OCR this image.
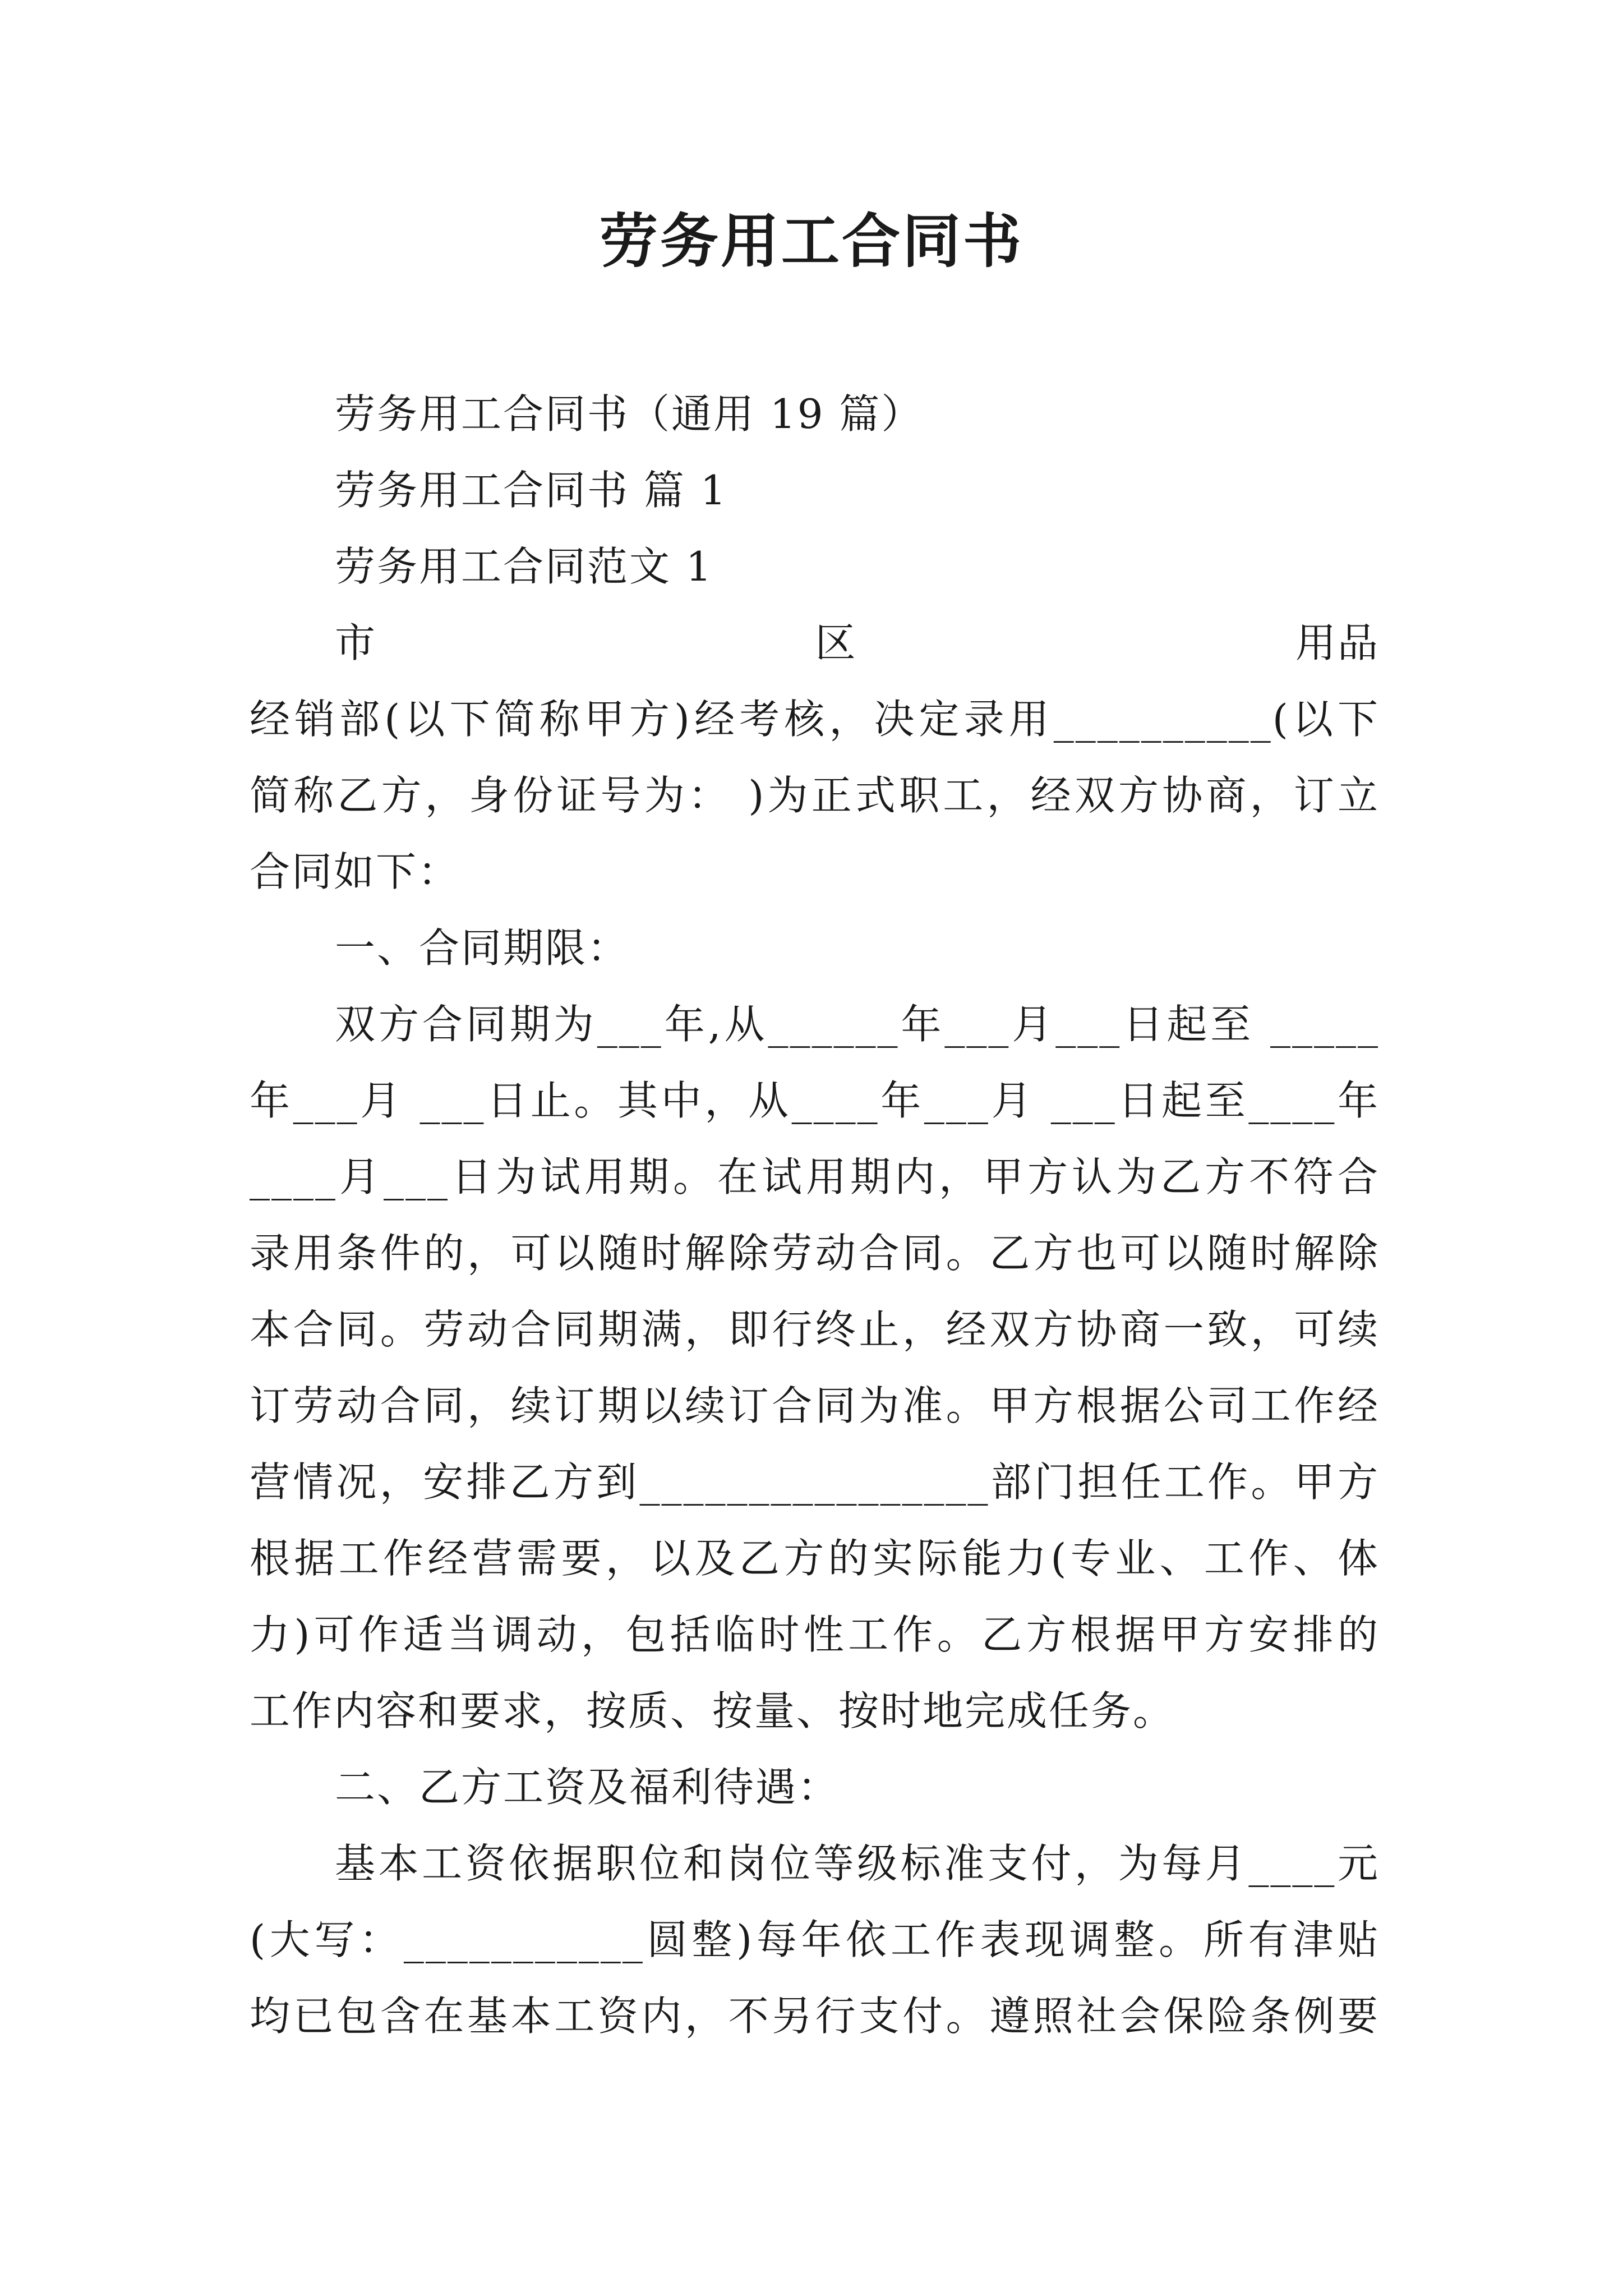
劳务用工合同书

劳务用工合同书（通用 19 篇）

劳务用工合同书 篇 1

劳务用工合同范文 1

市	区	用品

经销部(以下简称甲方)经考核，决定录用__________(以下

简称乙方，身份证号为： )为正式职工，经双方协商，订立

合同如下：

一、合同期限：

双方合同期为___年,从______年___月___日起至 _____

年___月 ___日止。其中，从____年___月 ___日起至____年

____月___日为试用期。在试用期内，甲方认为乙方不符合

录用条件的，可以随时解除劳动合同。乙方也可以随时解除

本合同。劳动合同期满，即行终止，经双方协商一致，可续

订劳动合同，续订期以续订合同为准。甲方根据公司工作经

营情况，安排乙方到________________部门担任工作。甲方

根据工作经营需要，以及乙方的实际能力(专业、工作、体

力)可作适当调动，包括临时性工作。乙方根据甲方安排的

工作内容和要求，按质、按量、按时地完成任务。

二、乙方工资及福利待遇：

基本工资依据职位和岗位等级标准支付，为每月____元

(大写：___________圆整)每年依工作表现调整。所有津贴

均已包含在基本工资内，不另行支付。遵照社会保险条例要
